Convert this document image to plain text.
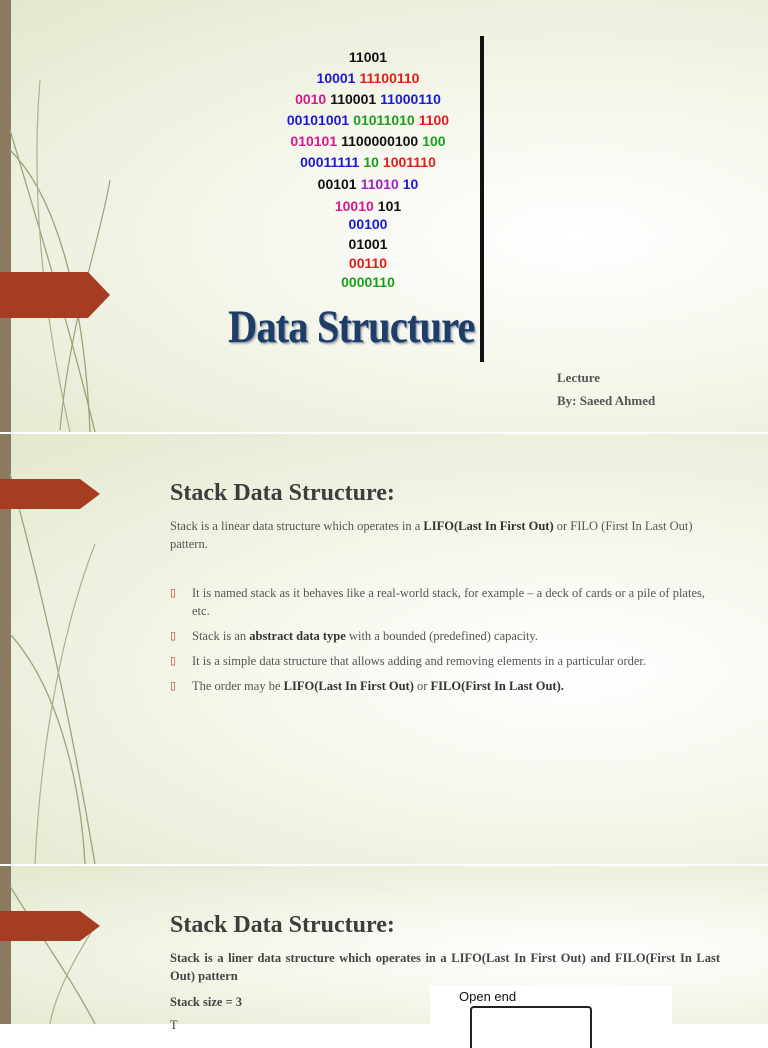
11001
10001 11100110
0010 110001 11000110
00101001 01011010 1100
010101 1100000100 100
00011111 10 1001110
00101 11010 10
10010 101
00100
01001
00110
0000110
Data Structure
Lecture
By: Saeed Ahmed
Stack Data Structure:
Stack is a linear data structure which operates in a LIFO(Last In First Out) or FILO (First In Last Out) pattern.
▯ It is named stack as it behaves like a real-world stack, for example – a deck of cards or a pile of plates, etc.
▯ Stack is an abstract data type with a bounded (predefined) capacity.
▯ It is a simple data structure that allows adding and removing elements in a particular order.
▯ The order may be LIFO(Last In First Out) or FILO(First In Last Out).
Stack Data Structure:
Stack is a liner data structure which operates in a LIFO(Last In First Out) and FILO(First In Last Out) pattern
Stack size = 3
T
Open end
